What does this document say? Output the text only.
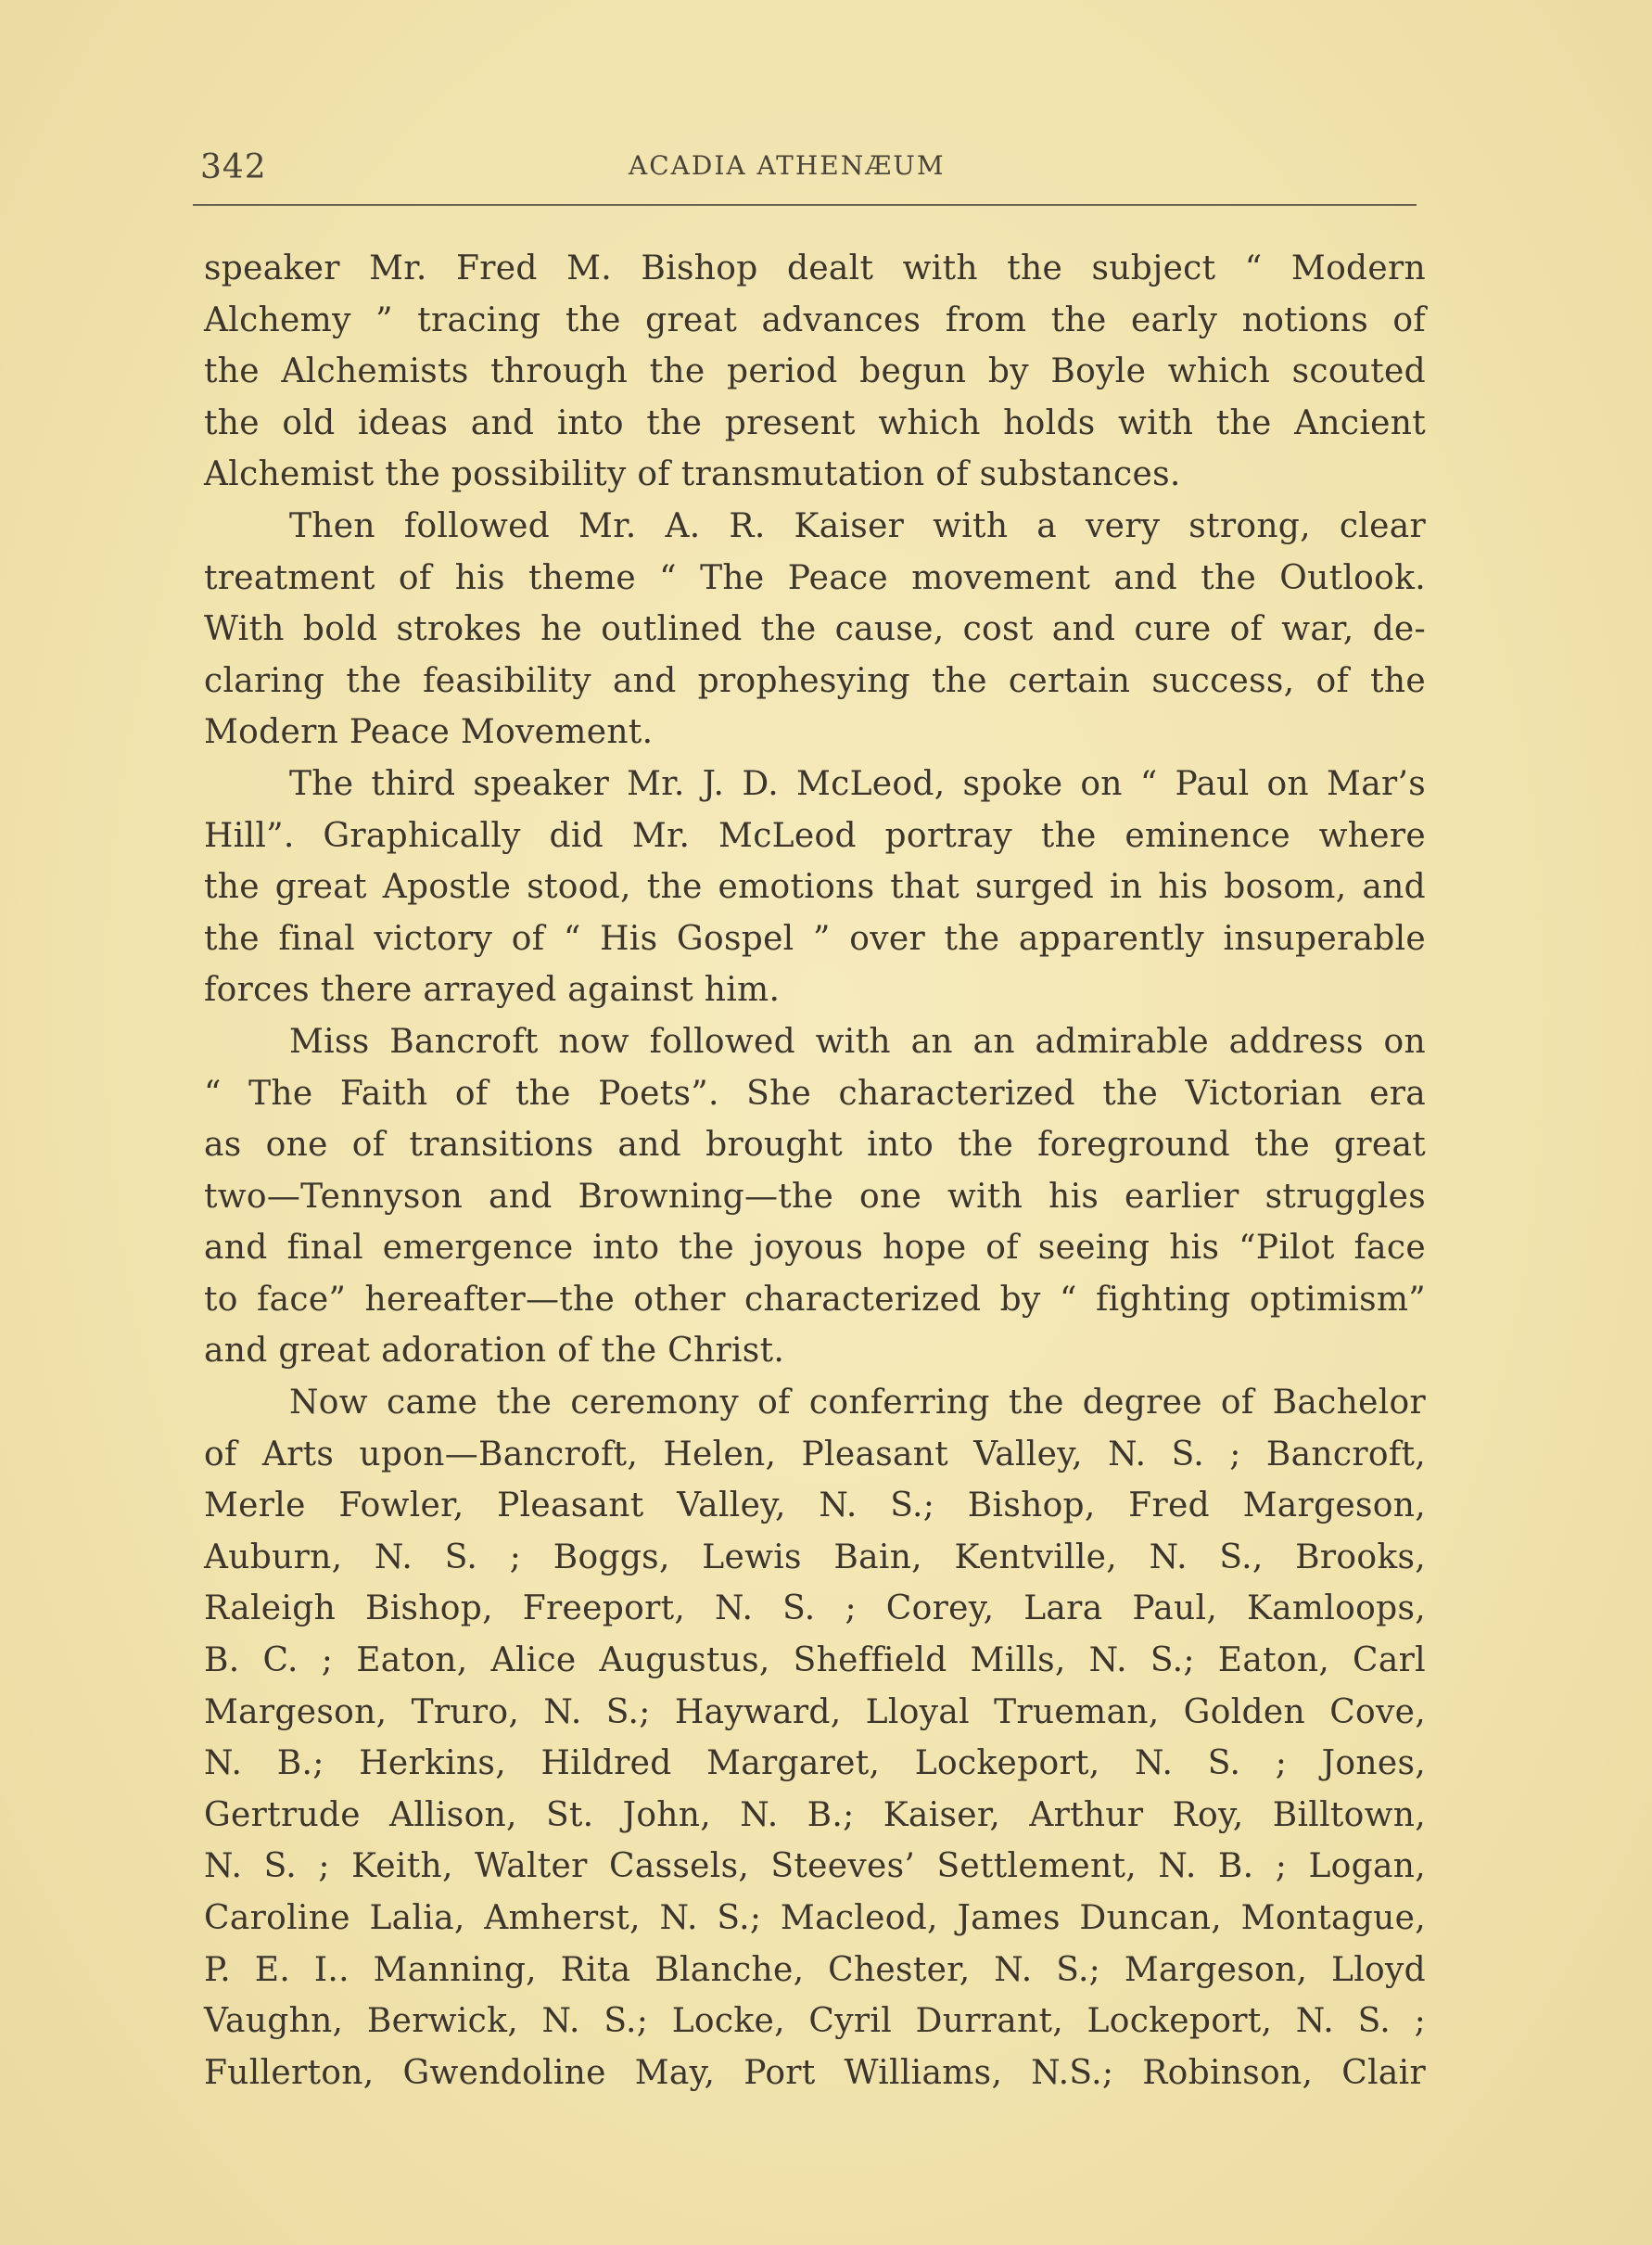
342	ACADIA ATHENÆUM
speaker Mr. Fred M. Bishop dealt with the subject “ Modern
Alchemy ” tracing the great advances from the early notions of
the Alchemists through the period begun by Boyle which scouted
the old ideas and into the present which holds with the Ancient
Alchemist the possibility of transmutation of substances.
Then followed Mr. A. R. Kaiser with a very strong, clear
treatment of his theme “ The Peace movement and the Outlook.
With bold strokes he outlined the cause, cost and cure of war, de-
claring the feasibility and prophesying the certain success, of the
Modern Peace Movement.
The third speaker Mr. J. D. McLeod, spoke on “ Paul on Mar’s
Hill”. Graphically did Mr. McLeod portray the eminence where
the great Apostle stood, the emotions that surged in his bosom, and
the final victory of “ His Gospel ” over the apparently insuperable
forces there arrayed against him.
Miss Bancroft now followed with an an admirable address on
“ The Faith of the Poets”. She characterized the Victorian era
as one of transitions and brought into the foreground the great
two—Tennyson and Browning—the one with his earlier struggles
and final emergence into the joyous hope of seeing his “Pilot face
to face” hereafter—the other characterized by “ fighting optimism”
and great adoration of the Christ.
Now came the ceremony of conferring the degree of Bachelor
of Arts upon—Bancroft, Helen, Pleasant Valley, N. S. ; Bancroft,
Merle Fowler, Pleasant Valley, N. S.; Bishop, Fred Margeson,
Auburn, N. S. ; Boggs, Lewis Bain, Kentville, N. S., Brooks,
Raleigh Bishop, Freeport, N. S. ; Corey, Lara Paul, Kamloops,
B. C. ; Eaton, Alice Augustus, Sheffield Mills, N. S.; Eaton, Carl
Margeson, Truro, N. S.; Hayward, Lloyal Trueman, Golden Cove,
N. B.; Herkins, Hildred Margaret, Lockeport, N. S. ; Jones,
Gertrude Allison, St. John, N. B.; Kaiser, Arthur Roy, Billtown,
N. S. ; Keith, Walter Cassels, Steeves’ Settlement, N. B. ; Logan,
Caroline Lalia, Amherst, N. S.; Macleod, James Duncan, Montague,
P. E. I.. Manning, Rita Blanche, Chester, N. S.; Margeson, Lloyd
Vaughn, Berwick, N. S.; Locke, Cyril Durrant, Lockeport, N. S. ;
Fullerton, Gwendoline May, Port Williams, N.S.; Robinson, Clair
